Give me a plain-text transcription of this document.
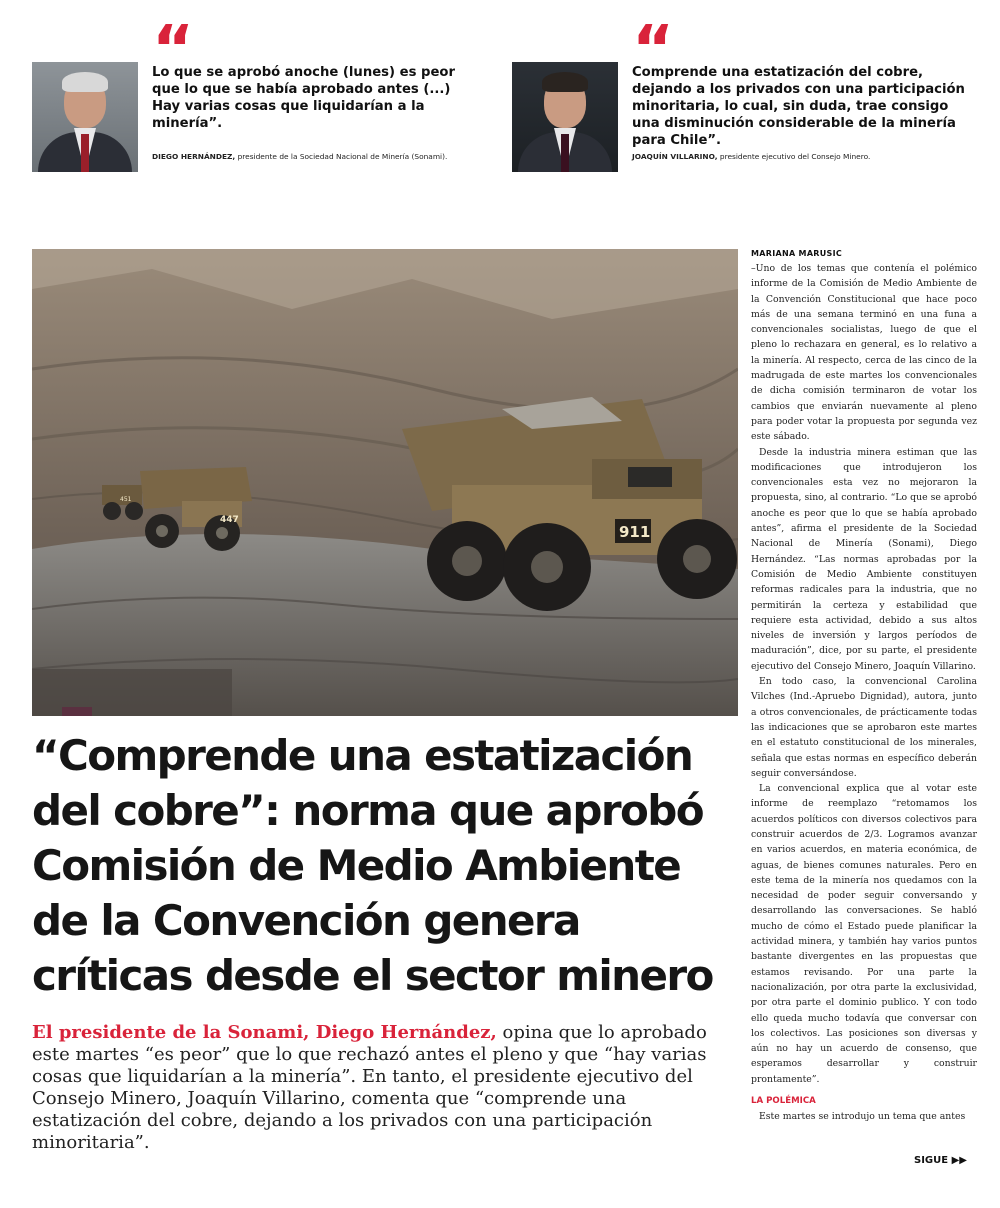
“

Lo que se aprobó anoche (lunes) es peor que lo que se había aprobado antes (...) Hay varias cosas que liquidarían a la minería”.

DIEGO HERNÁNDEZ, presidente de la Sociedad Nacional de Minería (Sonami).
“

Comprende una estatización del cobre, dejando a los privados con una participación minoritaria, lo cual, sin duda, trae consigo una disminución considerable de la minería para Chile”.

JOAQUÍN VILLARINO, presidente ejecutivo del Consejo Minero.
451
447
911
“Comprende una estatización del cobre”: norma que aprobó Comisión de Medio Ambiente de la Convención genera críticas desde el sector minero

El presidente de la Sonami, Diego Hernández, opina que lo aprobado este martes “es peor” que lo que rechazó antes el pleno y que “hay varias cosas que liquidarían a la minería”. En tanto, el presidente ejecutivo del Consejo Minero, Joaquín Villarino, comenta que “comprende una estatización del cobre, dejando a los privados con una participación minoritaria”.

MARIANA MARUSIC

–Uno de los temas que contenía el polémico informe de la Comisión de Medio Ambiente de la Convención Constitucional que hace poco más de una semana terminó en una funa a convencionales socialistas, luego de que el pleno lo rechazara en general, es lo relativo a la minería. Al respecto, cerca de las cinco de la madrugada de este martes los convencionales de dicha comisión terminaron de votar los cambios que enviarán nuevamente al pleno para poder votar la propuesta por segunda vez este sábado.

Desde la industria minera estiman que las modificaciones que introdujeron los convencionales esta vez no mejoraron la propuesta, sino, al contrario. “Lo que se aprobó anoche es peor que lo que se había aprobado antes”, afirma el presidente de la Sociedad Nacional de Minería (Sonami), Diego Hernández. “Las normas aprobadas por la Comisión de Medio Ambiente constituyen reformas radicales para la industria, que no permitirán la certeza y estabilidad que requiere esta actividad, debido a sus altos niveles de inversión y largos períodos de maduración”, dice, por su parte, el presidente ejecutivo del Consejo Minero, Joaquín Villarino.

En todo caso, la convencional Carolina Vilches (Ind.-Apruebo Dignidad), autora, junto a otros convencionales, de prácticamente todas las indicaciones que se aprobaron este martes en el estatuto constitucional de los minerales, señala que estas normas en específico deberán seguir conversándose.

La convencional explica que al votar este informe de reemplazo “retomamos los acuerdos políticos con diversos colectivos para construir acuerdos de 2/3. Logramos avanzar en varios acuerdos, en materia económica, de aguas, de bienes comunes naturales. Pero en este tema de la minería nos quedamos con la necesidad de poder seguir conversando y desarrollando las conversaciones. Se habló mucho de cómo el Estado puede planificar la actividad minera, y también hay varios puntos bastante divergentes en las propuestas que estamos revisando. Por una parte la nacionalización, por otra parte la exclusividad, por otra parte el dominio publico. Y con todo ello queda mucho todavía que conversar con los colectivos. Las posiciones son diversas y aún no hay un acuerdo de consenso, que esperamos desarrollar y construir prontamente”.

LA POLÉMICA

Este martes se introdujo un tema que antes

SIGUE ▶▶
